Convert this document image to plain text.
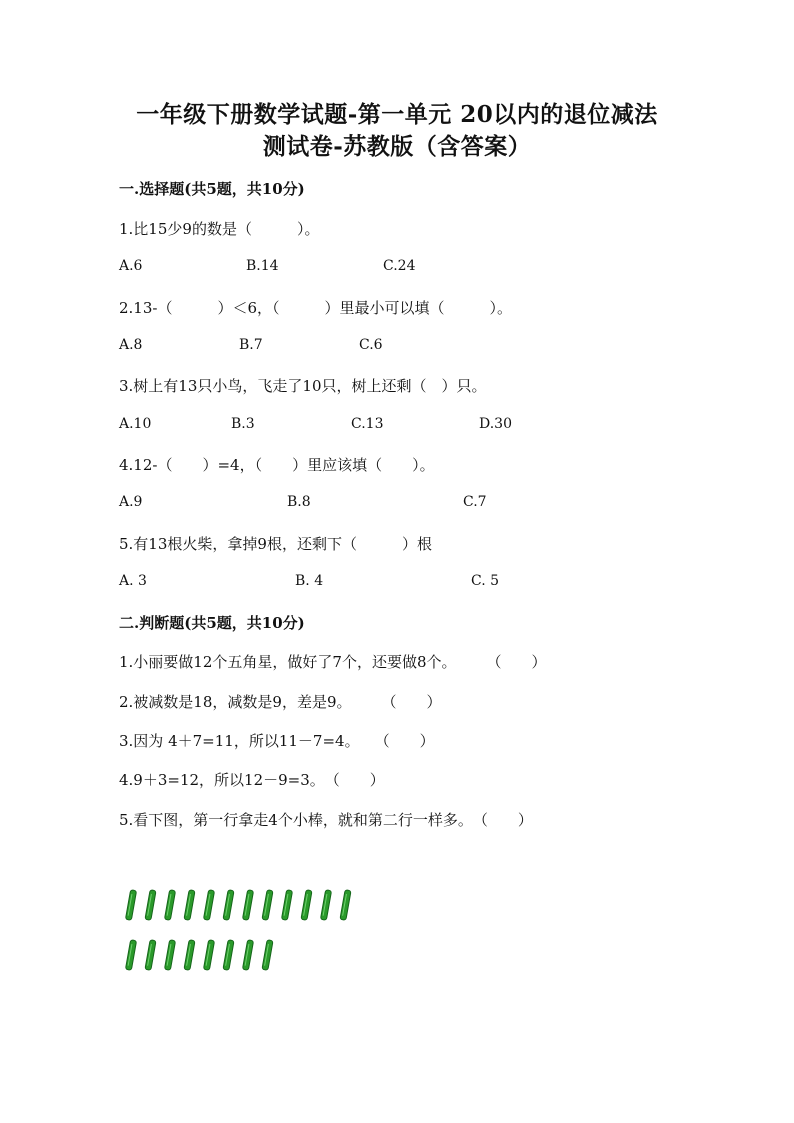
一年级下册数学试题-第一单元 20以内的退位减法
测试卷-苏教版（含答案）
一.选择题(共5题，共10分)
1.比15少9的数是（　　　）。
A.6	B.14	C.24
2.13-（　　　）＜6，（　　　）里最小可以填（　　　）。
A.8	B.7	C.6
3.树上有13只小鸟，飞走了10只，树上还剩（　）只。
A.10	B.3	C.13	D.30
4.12-（　　）=4，（　　）里应该填（　　）。
A.9	B.8	C.7
5.有13根火柴，拿掉9根，还剩下（　　　）根
A. 3	B. 4	C. 5
二.判断题(共5题，共10分)
1.小丽要做12个五角星，做好了7个，还要做8个。　　　（　　）
2.被减数是18，减数是9，差是9。　　　（　　）
3.因为 4＋7=11，所以11－7=4。　　（　　）
4.9＋3=12，所以12－9=3。　（　　）
5.看下图，第一行拿走4个小棒，就和第二行一样多。　（　　）
